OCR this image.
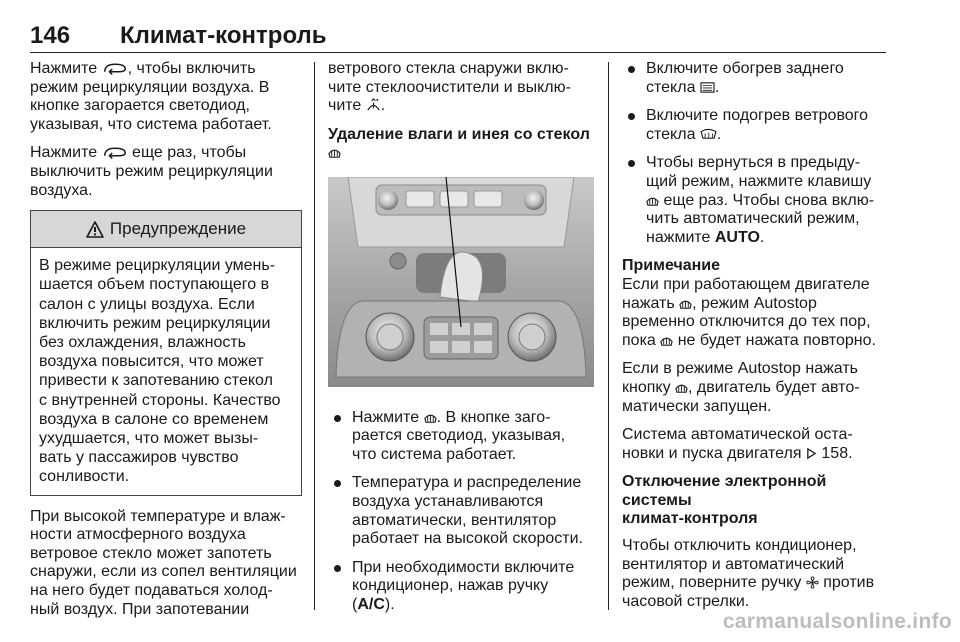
146 Климат-контроль

Нажмите , чтобы включить
режим рециркуляции воздуха. В
кнопке загорается светодиод,
указывая, что система работает.

Нажмите  еще раз, чтобы
выключить режим рециркуляции
воздуха.

Предупреждение
В режиме рециркуляции умень-
шается объем поступающего в
салон с улицы воздуха. Если
включить режим рециркуляции
без охлаждения, влажность
воздуха повысится, что может
привести к запотеванию стекол
с внутренней стороны. Качество
воздуха в салоне со временем
ухудшается, что может вызы-
вать у пассажиров чувство
сонливости.

При высокой температуре и влаж-
ности атмосферного воздуха
ветровое стекло может запотеть
снаружи, если из сопел вентиляции
на него будет подаваться холод-
ный воздух. При запотевании

ветрового стекла снаружи вклю-
чите стеклоочистители и выклю-
чите .

Удаление влаги и инея со стекол
Нажмите . В кнопке заго-
рается светодиод, указывая,
что система работает.
Температура и распределение
воздуха устанавливаются
автоматически, вентилятор
работает на высокой скорости.
При необходимости включите
кондиционер, нажав ручку
(A/C).
Включите обогрев заднего
стекла .
Включите подогрев ветрового
стекла .
Чтобы вернуться в предыду-
щий режим, нажмите клавишу
еще раз. Чтобы снова вклю-
чить автоматический режим,
нажмите AUTO.
Примечание

Если при работающем двигателе
нажать , режим Autostop
временно отключится до тех пор,
пока  не будет нажата повторно.

Если в режиме Autostop нажать
кнопку , двигатель будет авто-
матически запущен.

Система автоматической оста-
новки и пуска двигателя  158.

Отключение электронной системы
климат-контроля

Чтобы отключить кондиционер,
вентилятор и автоматический
режим, поверните ручку  против
часовой стрелки.

carmanualsonline.info
